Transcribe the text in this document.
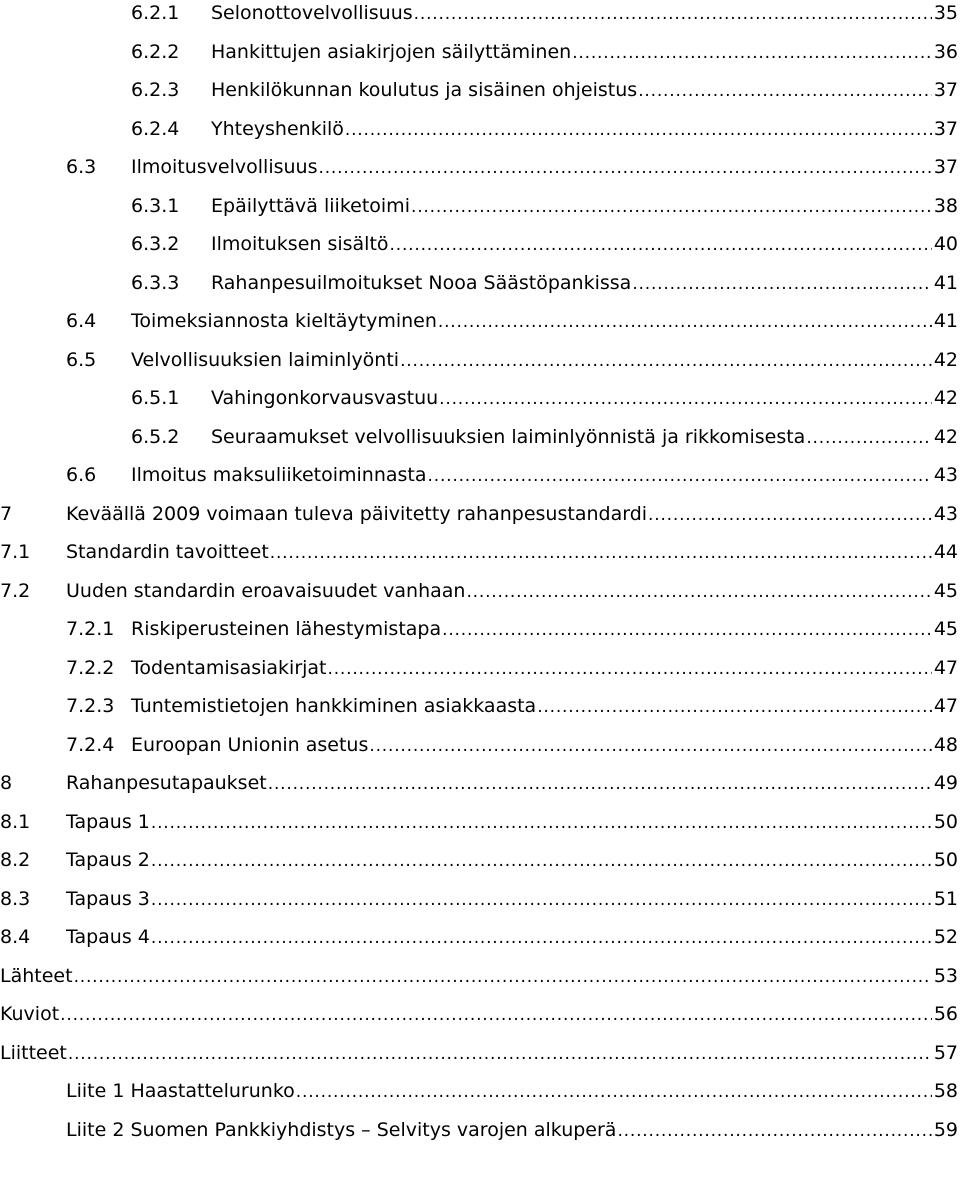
6.2.1 Selonottovelvollisuus . . .	35
6.2.2 Hankittujen asiakirjojen säilyttäminen . . .	36
6.2.3 Henkilökunnan koulutus ja sisäinen ohjeistus . . .	37
6.2.4 Yhteyshenkilö . . .	37
6.3 Ilmoitusvelvollisuus . . .	37
6.3.1 Epäilyttävä liiketoimi . . .	38
6.3.2 Ilmoituksen sisältö . . .	40
6.3.3 Rahanpesuilmoitukset Nooa Säästöpankissa . . .	41
6.4 Toimeksiannosta kieltäytyminen . . .	41
6.5 Velvollisuuksien laiminlyönti . . .	42
6.5.1 Vahingonkorvausvastuu . . .	42
6.5.2 Seuraamukset velvollisuuksien laiminlyönnistä ja rikkomisesta . . .	42
6.6 Ilmoitus maksuliiketoiminnasta . . .	43
7	Keväällä 2009 voimaan tuleva päivitetty rahanpesustandardi . . .	43
7.1 Standardin tavoitteet . . .	44
7.2 Uuden standardin eroavaisuudet vanhaan . . .	45
7.2.1 Riskiperusteinen lähestymistapa . . .	45
7.2.2 Todentamisasiakirjat . . .	47
7.2.3 Tuntemistietojen hankkiminen asiakkaasta . . .	47
7.2.4 Euroopan Unionin asetus . . .	48
8	Rahanpesutapaukset . . .	49
8.1 Tapaus 1 . . .	50
8.2 Tapaus 2 . . .	50
8.3 Tapaus 3 . . .	51
8.4 Tapaus 4 . . .	52
Lähteet . . .	53
Kuviot . . .	56
Liitteet . . .	57
Liite 1 Haastattelurunko . . .	58
Liite 2 Suomen Pankkiyhdistys – Selvitys varojen alkuperä . . .	59
